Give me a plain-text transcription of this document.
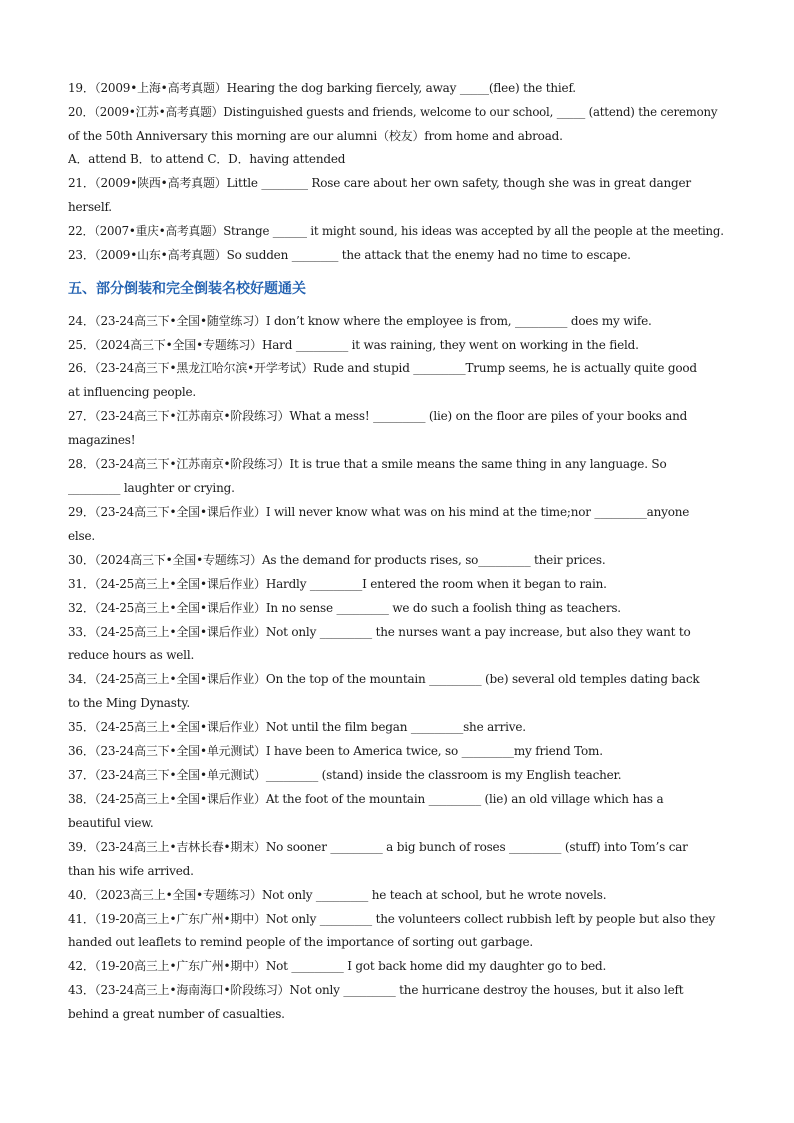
19．（2009•上海•高考真题）Hearing the dog barking fiercely, away _____(flee) the thief.
20．（2009•江苏•高考真题）Distinguished guests and friends, welcome to our school, _____ (attend) the ceremony
of the 50th Anniversary this morning are our alumni（校友）from home and abroad.
A．attend B．to attend C．D．having attended
21．（2009•陕西•高考真题）Little ________ Rose care about her own safety, though she was in great danger
herself.
22．（2007•重庆•高考真题）Strange ______ it might sound, his ideas was accepted by all the people at the meeting.
23．（2009•山东•高考真题）So sudden ________ the attack that the enemy had no time to escape.
五、部分倒装和完全倒装名校好题通关
24．（23-24高三下•全国•随堂练习）I don’t know where the employee is from, _________ does my wife.
25．（2024高三下•全国•专题练习）Hard _________ it was raining, they went on working in the field.
26．（23-24高三下•黑龙江哈尔滨•开学考试）Rude and stupid _________Trump seems, he is actually quite good
at influencing people.
27．（23-24高三下•江苏南京•阶段练习）What a mess! _________ (lie) on the floor are piles of your books and
magazines!
28．（23-24高三下•江苏南京•阶段练习）It is true that a smile means the same thing in any language. So
_________ laughter or crying.
29．（23-24高三下•全国•课后作业）I will never know what was on his mind at the time;nor _________anyone
else.
30．（2024高三下•全国•专题练习）As the demand for products rises, so_________ their prices.
31．（24-25高三上•全国•课后作业）Hardly _________I entered the room when it began to rain.
32．（24-25高三上•全国•课后作业）In no sense _________ we do such a foolish thing as teachers.
33．（24-25高三上•全国•课后作业）Not only _________ the nurses want a pay increase, but also they want to
reduce hours as well.
34．（24-25高三上•全国•课后作业）On the top of the mountain _________ (be) several old temples dating back
to the Ming Dynasty.
35．（24-25高三上•全国•课后作业）Not until the film began _________she arrive.
36．（23-24高三下•全国•单元测试）I have been to America twice, so _________my friend Tom.
37．（23-24高三下•全国•单元测试）_________ (stand) inside the classroom is my English teacher.
38．（24-25高三上•全国•课后作业）At the foot of the mountain _________ (lie) an old village which has a
beautiful view.
39．（23-24高三上•吉林长春•期末）No sooner _________ a big bunch of roses _________ (stuff) into Tom’s car
than his wife arrived.
40．（2023高三上•全国•专题练习）Not only _________ he teach at school, but he wrote novels.
41．（19-20高三上•广东广州•期中）Not only _________ the volunteers collect rubbish left by people but also they
handed out leaflets to remind people of the importance of sorting out garbage.
42．（19-20高三上•广东广州•期中）Not _________ I got back home did my daughter go to bed.
43．（23-24高三上•海南海口•阶段练习）Not only _________ the hurricane destroy the houses, but it also left
behind a great number of casualties.
